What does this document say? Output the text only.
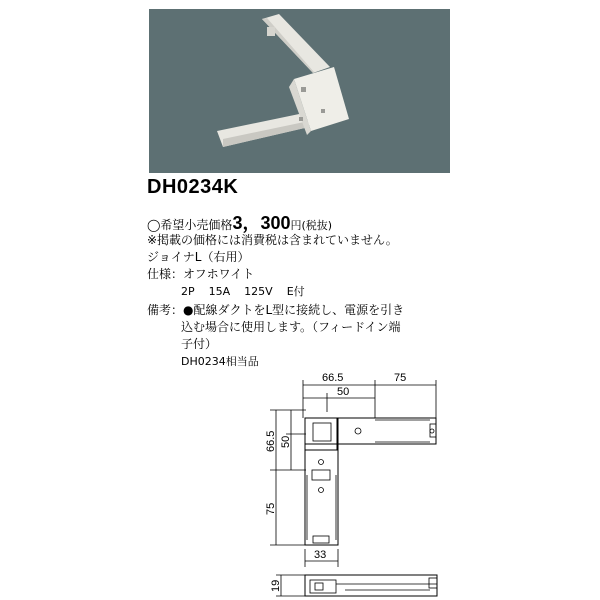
DH0234K
◯希望小売価格3，300円(税抜)
※掲載の価格には消費税は含まれていません。
ジョイナL（右用）
仕様：オフホワイト
2P 15A 125V E付
備考：●配線ダクトをL型に接続し、電源を引き
込む場合に使用します。（フィードイン端
子付）
DH0234相当品
66.5	75
50
66.5 50
75
33
19
